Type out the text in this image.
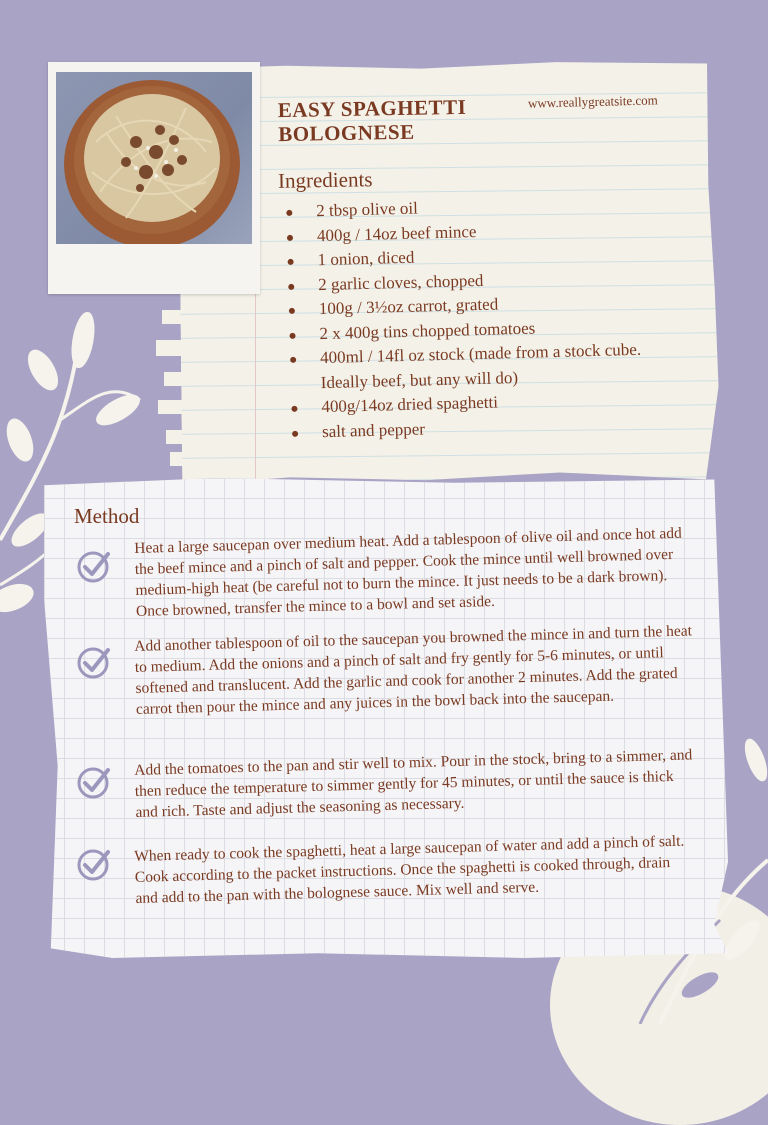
EASY SPAGHETTI
BOLOGNESE
www.reallygreatsite.com
Ingredients
2 tbsp olive oil
400g / 14oz beef mince
1 onion, diced
2 garlic cloves, chopped
100g / 3½oz carrot, grated
2 x 400g tins chopped tomatoes
400ml / 14fl oz stock (made from a stock cube.
Ideally beef, but any will do)
400g/14oz dried spaghetti
salt and pepper
Method

Heat a large saucepan over medium heat. Add a tablespoon of olive oil and once hot add the beef mince and a pinch of salt and pepper. Cook the mince until well browned over medium-high heat (be careful not to burn the mince. It just needs to be a dark brown). Once browned, transfer the mince to a bowl and set aside.

Add another tablespoon of oil to the saucepan you browned the mince in and turn the heat to medium. Add the onions and a pinch of salt and fry gently for 5-6 minutes, or until softened and translucent. Add the garlic and cook for another 2 minutes. Add the grated carrot then pour the mince and any juices in the bowl back into the saucepan.

Add the tomatoes to the pan and stir well to mix. Pour in the stock, bring to a simmer, and then reduce the temperature to simmer gently for 45 minutes, or until the sauce is thick and rich. Taste and adjust the seasoning as necessary.

When ready to cook the spaghetti, heat a large saucepan of water and add a pinch of salt. Cook according to the packet instructions. Once the spaghetti is cooked through, drain and add to the pan with the bolognese sauce. Mix well and serve.
